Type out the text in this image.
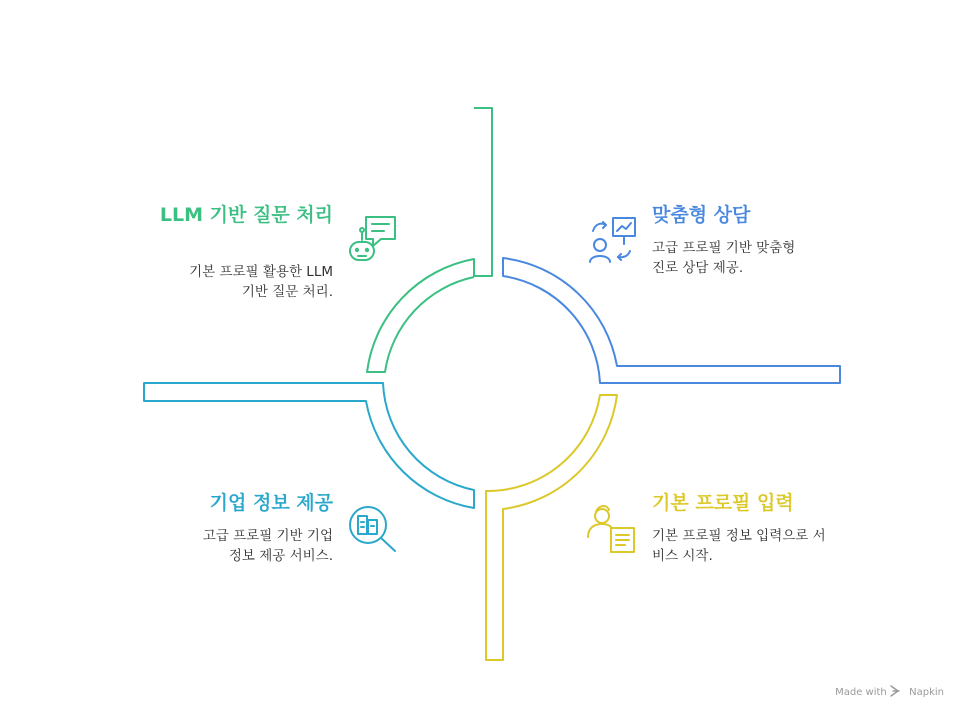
LLM 기반 질문 처리
기본 프로필 활용한 LLM
기반 질문 처리.
맞춤형 상담
고급 프로필 기반 맞춤형
진로 상담 제공.
기업 정보 제공
고급 프로필 기반 기업
정보 제공 서비스.
기본 프로필 입력
기본 프로필 정보 입력으로 서
비스 시작.
Made with Napkin
